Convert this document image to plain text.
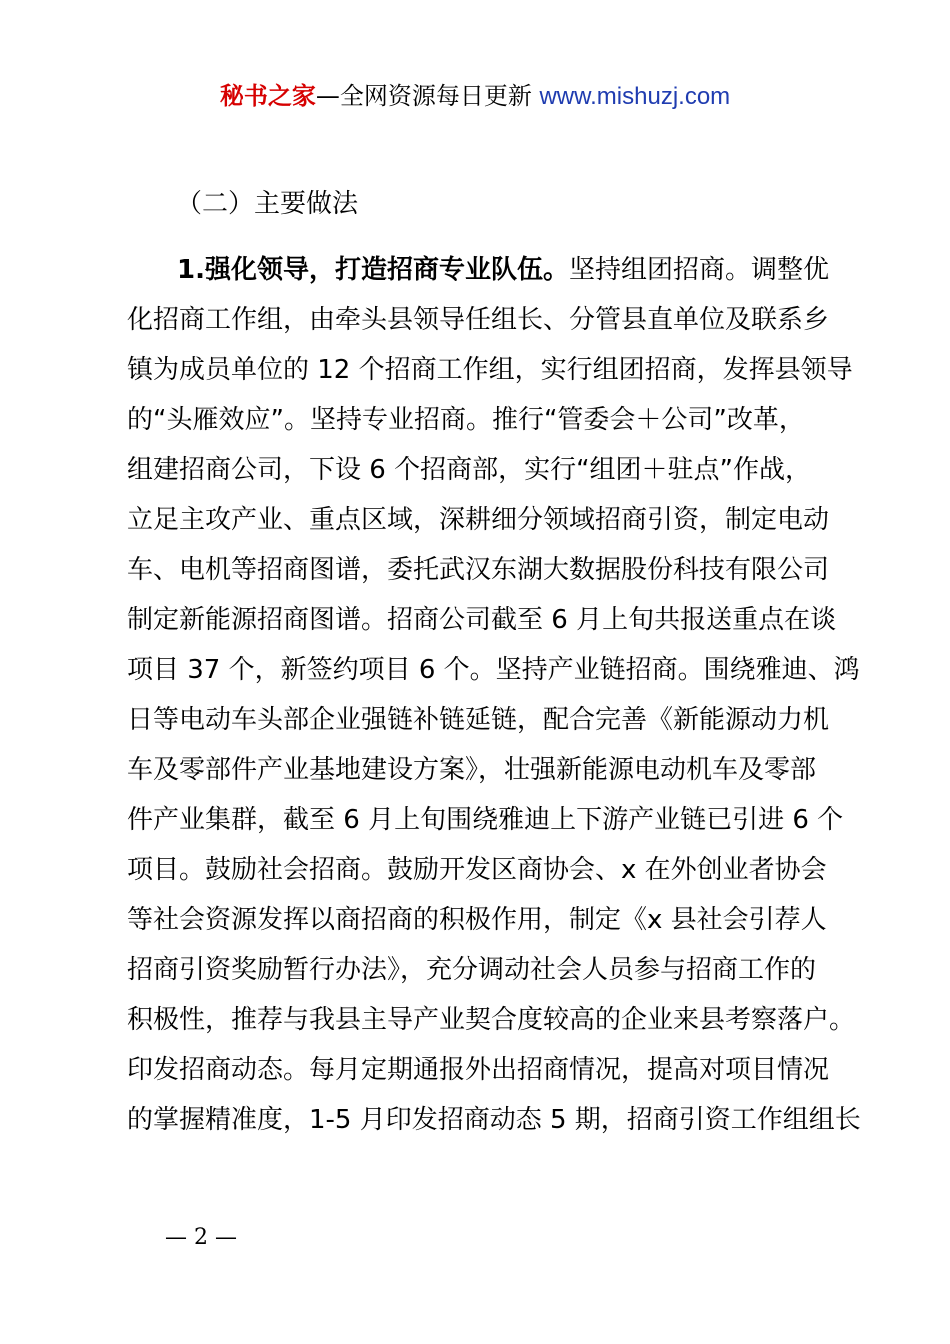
秘书之家—全网资源每日更新 www.mishuzj.com
（二）主要做法
1.强化领导，打造招商专业队伍。坚持组团招商。调整优
化招商工作组，由牵头县领导任组长、分管县直单位及联系乡
镇为成员单位的 12 个招商工作组，实行组团招商，发挥县领导
的“头雁效应”。坚持专业招商。推行“管委会＋公司”改革，
组建招商公司，下设 6 个招商部，实行“组团＋驻点”作战，
立足主攻产业、重点区域，深耕细分领域招商引资，制定电动
车、电机等招商图谱，委托武汉东湖大数据股份科技有限公司
制定新能源招商图谱。招商公司截至 6 月上旬共报送重点在谈
项目 37 个，新签约项目 6 个。坚持产业链招商。围绕雅迪、鸿
日等电动车头部企业强链补链延链，配合完善《新能源动力机
车及零部件产业基地建设方案》，壮强新能源电动机车及零部
件产业集群，截至 6 月上旬围绕雅迪上下游产业链已引进 6 个
项目。鼓励社会招商。鼓励开发区商协会、x 在外创业者协会
等社会资源发挥以商招商的积极作用，制定《x 县社会引荐人
招商引资奖励暂行办法》，充分调动社会人员参与招商工作的
积极性，推荐与我县主导产业契合度较高的企业来县考察落户。
印发招商动态。每月定期通报外出招商情况，提高对项目情况
的掌握精准度，1-5 月印发招商动态 5 期，招商引资工作组组长
— 2 —
